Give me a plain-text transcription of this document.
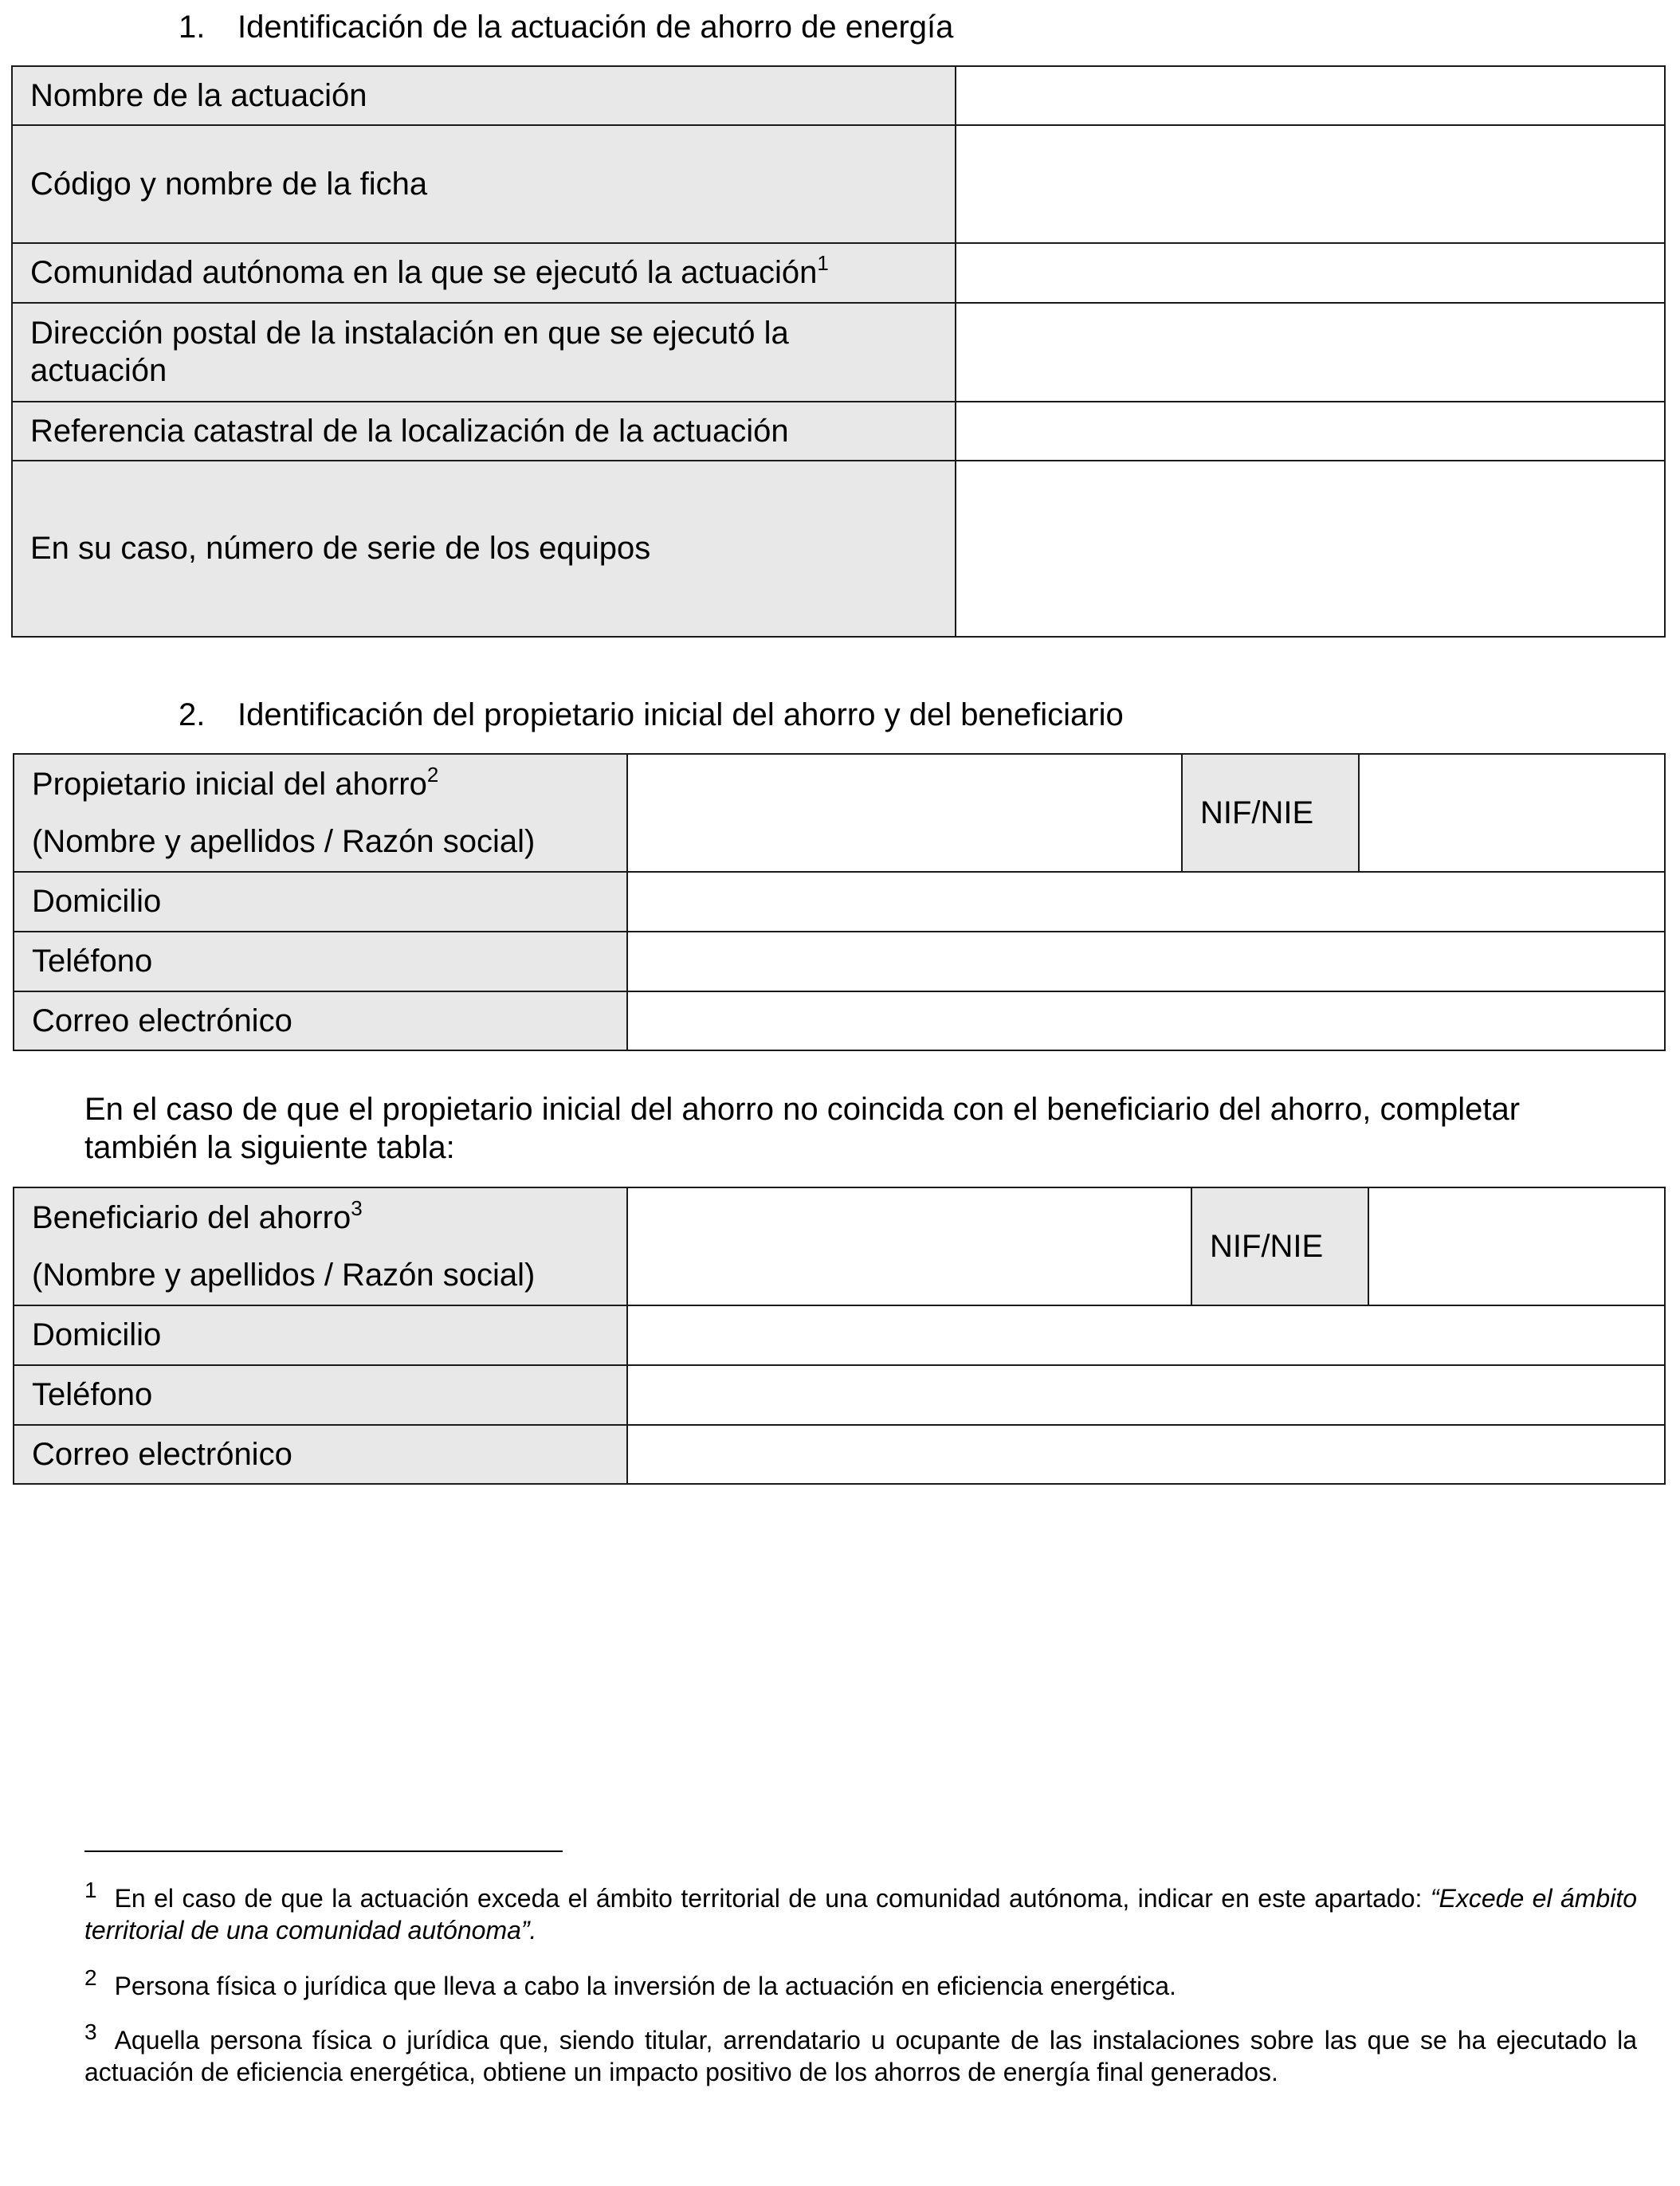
1. Identificación de la actuación de ahorro de energía
Nombre de la actuación	
Código y nombre de la ficha	
Comunidad autónoma en la que se ejecutó la actuación$^1$	
Dirección postal de la instalación en que se ejecutó la actuación	
Referencia catastral de la localización de la actuación	
En su caso, número de serie de los equipos	
2. Identificación del propietario inicial del ahorro y del beneficiario
Propietario inicial del ahorro$^2$
(Nombre y apellidos / Razón social)		NIF/NIE	
Domicilio			
Teléfono			
Correo electrónico			
En el caso de que el propietario inicial del ahorro no coincida con el beneficiario del ahorro, completar también la siguiente tabla:
Beneficiario del ahorro$^3$
(Nombre y apellidos / Razón social)		NIF/NIE	
Domicilio			
Teléfono			
Correo electrónico			
1 En el caso de que la actuación exceda el ámbito territorial de una comunidad autónoma, indicar en este apartado: “Excede el ámbito territorial de una comunidad autónoma”.
2 Persona física o jurídica que lleva a cabo la inversión de la actuación en eficiencia energética.
3 Aquella persona física o jurídica que, siendo titular, arrendatario u ocupante de las instalaciones sobre las que se ha ejecutado la actuación de eficiencia energética, obtiene un impacto positivo de los ahorros de energía final generados.
